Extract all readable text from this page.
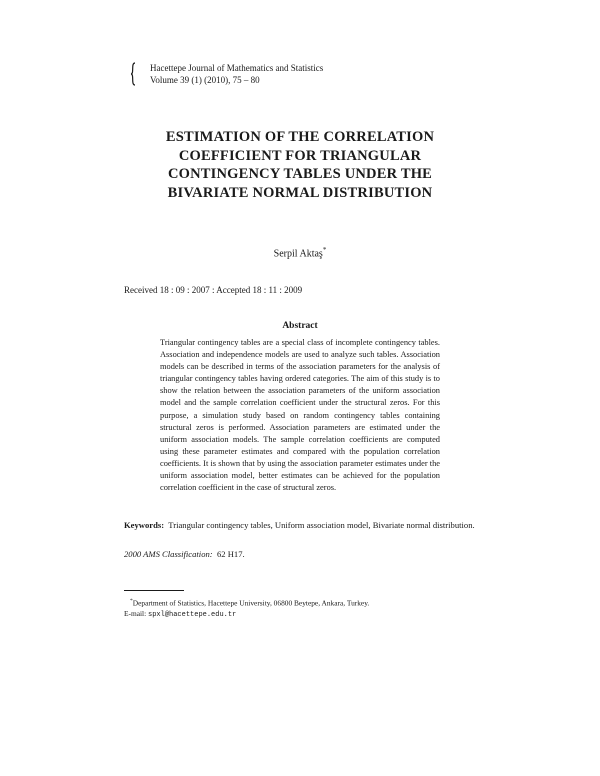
Hacettepe Journal of Mathematics and Statistics
Volume 39 (1) (2010), 75 – 80
ESTIMATION OF THE CORRELATION
COEFFICIENT FOR TRIANGULAR
CONTINGENCY TABLES UNDER THE
BIVARIATE NORMAL DISTRIBUTION
Serpil Aktaş*
Received 18 : 09 : 2007 : Accepted 18 : 11 : 2009
Abstract
Triangular contingency tables are a special class of incomplete contingency tables. Association and independence models are used to analyze such tables. Association models can be described in terms of the association parameters for the analysis of triangular contingency tables having ordered categories. The aim of this study is to show the relation between the association parameters of the uniform association model and the sample correlation coefficient under the structural zeros. For this purpose, a simulation study based on random contingency tables containing structural zeros is performed. Association parameters are estimated under the uniform association models. The sample correlation coefficients are computed using these parameter estimates and compared with the population correlation coefficients. It is shown that by using the association parameter estimates under the uniform association model, better estimates can be achieved for the population correlation coefficient in the case of structural zeros.
Keywords: Triangular contingency tables, Uniform association model, Bivariate normal distribution.
2000 AMS Classification: 62 H17.
*Department of Statistics, Hacettepe University, 06800 Beytepe, Ankara, Turkey.
E-mail: spxl@hacettepe.edu.tr
